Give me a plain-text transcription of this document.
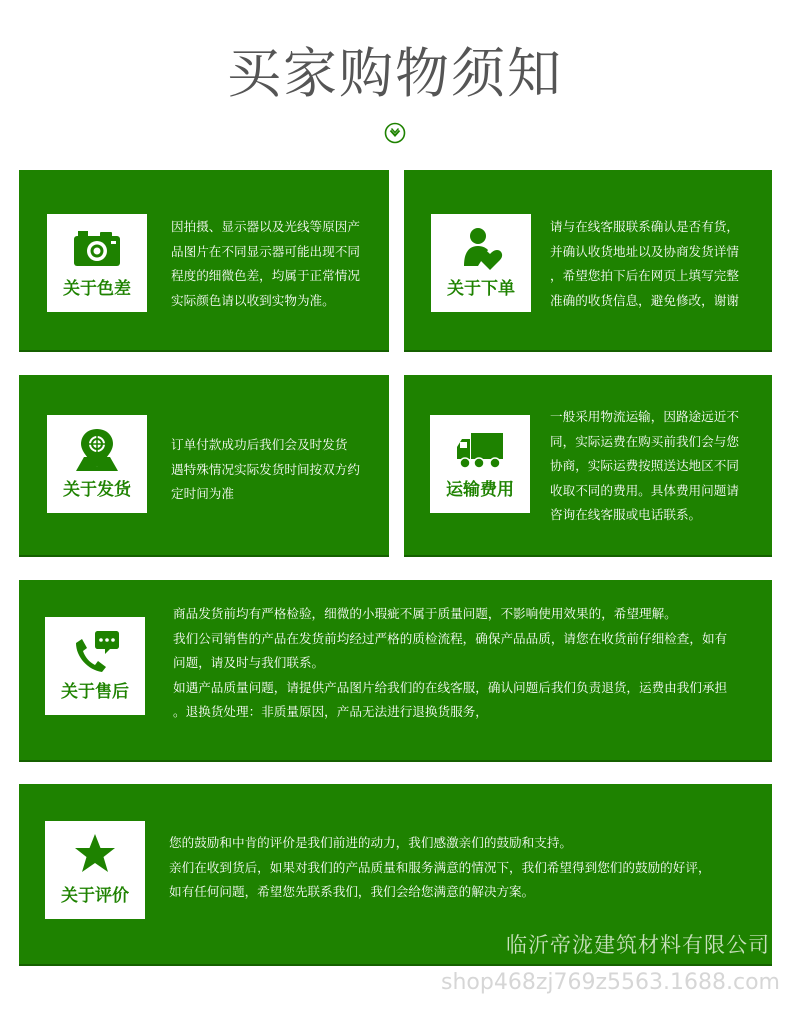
买家购物须知
关于色差

因拍摄、显示器以及光线等原因产

品图片在不同显示器可能出现不同

程度的细微色差，均属于正常情况

实际颜色请以收到实物为准。

关于下单

请与在线客服联系确认是否有货，

并确认收货地址以及协商发货详情

，希望您拍下后在网页上填写完整

准确的收货信息，避免修改，谢谢

关于发货

订单付款成功后我们会及时发货

遇特殊情况实际发货时间按双方约

定时间为准	运输费用

一般采用物流运输，因路途远近不

同，实际运费在购买前我们会与您

协商，实际运费按照送达地区不同

收取不同的费用。具体费用问题请

咨询在线客服或电话联系。

关于售后

商品发货前均有严格检验，细微的小瑕疵不属于质量问题，不影响使用效果的，希望理解。

我们公司销售的产品在发货前均经过严格的质检流程，确保产品品质，请您在收货前仔细检查，如有

问题，请及时与我们联系。

如遇产品质量问题，请提供产品图片给我们的在线客服，确认问题后我们负责退货，运费由我们承担

。退换货处理：非质量原因，产品无法进行退换货服务，

关于评价

您的鼓励和中肯的评价是我们前进的动力，我们感激亲们的鼓励和支持。

亲们在收到货后，如果对我们的产品质量和服务满意的情况下，我们希望得到您们的鼓励的好评，

如有任何问题，希望您先联系我们，我们会给您满意的解决方案。

临沂帝泷建筑材料有限公司
shop468zj769z5563.1688.com
